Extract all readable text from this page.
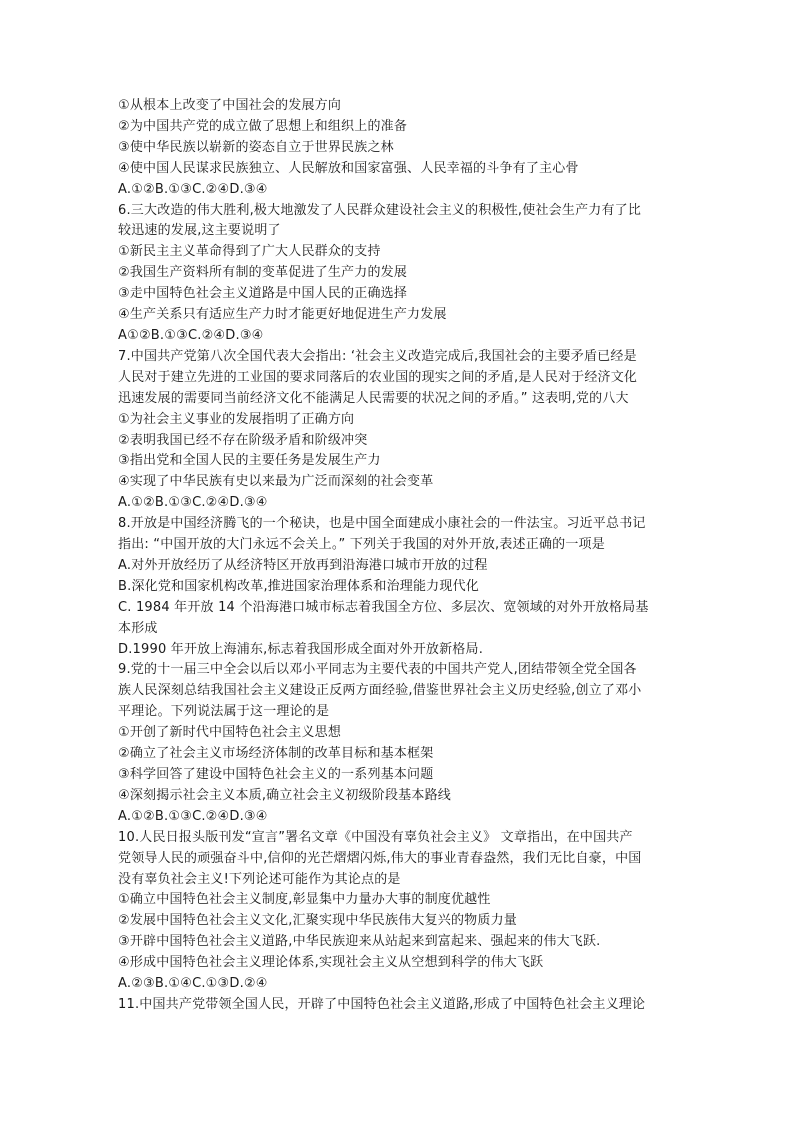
①从根本上改变了中国社会的发展方向
②为中国共产党的成立做了思想上和组织上的准备
③使中华民族以崭新的姿态自立于世界民族之林
④使中国人民谋求民族独立、人民解放和国家富强、人民幸福的斗争有了主心骨
A.①②B.①③C.②④D.③④
6.三大改造的伟大胜利,极大地激发了人民群众建设社会主义的积极性,使社会生产力有了比
较迅速的发展,这主要说明了
①新民主主义革命得到了广大人民群众的支持
②我国生产资料所有制的变革促进了生产力的发展
③走中国特色社会主义道路是中国人民的正确选择
④生产关系只有适应生产力时才能更好地促进生产力发展
A①②B.①③C.②④D.③④
7.中国共产党第八次全国代表大会指出: ‘社会主义改造完成后,我国社会的主要矛盾已经是
人民对于建立先进的工业国的要求同落后的农业国的现实之间的矛盾,是人民对于经济文化
迅速发展的需要同当前经济文化不能满足人民需要的状况之间的矛盾。” 这表明,党的八大
①为社会主义事业的发展指明了正确方向
②表明我国已经不存在阶级矛盾和阶级冲突
③指出党和全国人民的主要任务是发展生产力
④实现了中华民族有史以来最为广泛而深刻的社会变革
A.①②B.①③C.②④D.③④
8.开放是中国经济腾飞的一个秘诀，也是中国全面建成小康社会的一件法宝。习近平总书记
指出: “中国开放的大门永远不会关上。” 下列关于我国的对外开放,表述正确的一项是
A.对外开放经历了从经济特区开放再到沿海港口城市开放的过程
B.深化党和国家机构改革,推进国家治理体系和治理能力现代化
C. 1984 年开放 14 个沿海港口城市标志着我国全方位、多层次、宽领域的对外开放格局基
本形成
D.1990 年开放上海浦东,标志着我国形成全面对外开放新格局.
9.党的十一届三中全会以后以邓小平同志为主要代表的中国共产党人,团结带领全党全国各
族人民深刻总结我国社会主义建设正反两方面经验,借鉴世界社会主义历史经验,创立了邓小
平理论。下列说法属于这一理论的是
①开创了新时代中国特色社会主义思想
②确立了社会主义市场经济体制的改革目标和基本框架
③科学回答了建设中国特色社会主义的一系列基本问题
④深刻揭示社会主义本质,确立社会主义初级阶段基本路线
A.①②B.①③C.②④D.③④
10.人民日报头版刊发“宣言”署名文章《中国没有辜负社会主义》 文章指出，在中国共产
党领导人民的顽强奋斗中,信仰的光芒熠熠闪烁,伟大的事业青春盎然，我们无比自豪，中国
没有辜负社会主义!下列论述可能作为其论点的是
①确立中国特色社会主义制度,彰显集中力量办大事的制度优越性
②发展中国特色社会主义文化,汇聚实现中华民族伟大复兴的物质力量
③开辟中国特色社会主义道路,中华民族迎来从站起来到富起来、强起来的伟大飞跃.
④形成中国特色社会主义理论体系,实现社会主义从空想到科学的伟大飞跃
A.②③B.①④C.①③D.②④
11.中国共产党带领全国人民，开辟了中国特色社会主义道路,形成了中国特色社会主义理论
